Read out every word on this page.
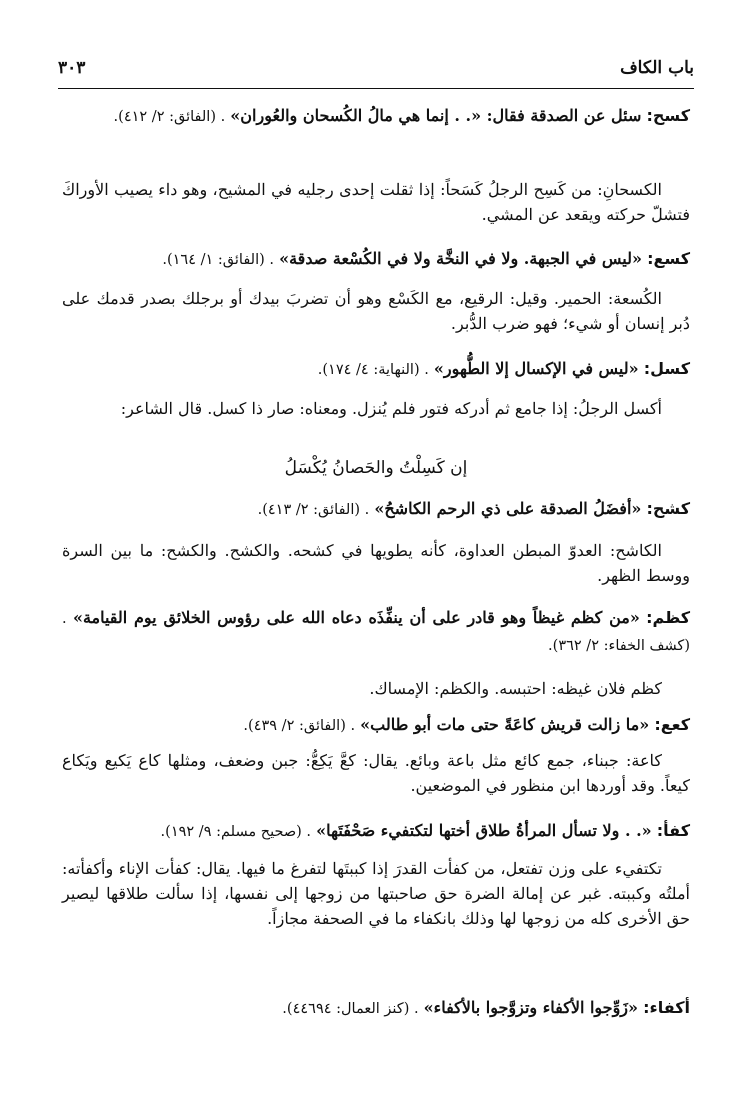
باب الكاف
٣٠٣
كسح: سئل عن الصدقة فقال: «. . إنما هي مالُ الكُسحان والعُوران» . (الفائق: ٢/ ٤١٢).
الكسحانِ: من كَسِح الرجلُ كَسَحاً: إذا ثقلت إحدى رجليه في المشيح، وهو داء يصيب الأوراكَ فتشلّ حركته ويقعد عن المشي.
كسع: «ليس في الجبهة. ولا في النخَّة ولا في الكُسْعة صدقة» . (الفائق: ١/ ١٦٤).
الكُسعة: الحمير. وقيل: الرقيع، مع الكَسْع وهو أن تضربَ بيدك أو برجلك بصدر قدمك على دُبر إنسان أو شيء؛ فهو ضرب الدُّبر.
كسل: «ليس في الإكسال إلا الطُّهور» . (النهاية: ٤/ ١٧٤).
أكسل الرجلُ: إذا جامع ثم أدركه فتور فلم يُنزل. ومعناه: صار ذا كسل. قال الشاعر:
إن كَسِلْتُ والحَصانُ يُكْسَلُ
كشح: «أفضَلُ الصدقة على ذي الرحم الكاشحُ» . (الفائق: ٢/ ٤١٣).
الكاشح: العدوّ المبطن العداوة، كأنه يطويها في كشحه. والكشح. والكشح: ما بين السرة ووسط الظهر.
كظم: «من كظم غيظاً وهو قادر على أن ينفِّذَه دعاه الله على رؤوس الخلائق يوم القيامة» . (كشف الخفاء: ٢/ ٣٦٢).
كظم فلان غيظه: احتبسه. والكظم: الإمساك.
كعع: «ما زالت قريش كاعَةً حتى مات أبو طالب» . (الفائق: ٢/ ٤٣٩).
كاعة: جبناء، جمع كائع مثل باعة وبائع. يقال: كعَّ يَكِعُّ: جبن وضعف، ومثلها كاع يَكيع ويَكاع كيعاً. وقد أوردها ابن منظور في الموضعين.
كفأ: «. . ولا تسأل المرأةُ طلاق أختها لتكتفيء صَحْفَتَها» . (صحيح مسلم: ٩/ ١٩٢).
تكتفيء على وزن تفتعل، من كفأت القدرَ إذا كببتَها لتفرغ ما فيها. يقال: كفأت الإناء وأكفأته: أملتُه وكببته. غبر عن إمالة الضرة حق صاحبتها من زوجها إلى نفسها، إذا سألت طلاقها ليصير حق الأخرى كله من زوجها لها وذلك بانكفاء ما في الصحفة مجازاً.
أكفاء: «زَوِّجوا الأكفاء وتزوَّجوا بالأكفاء» . (كنز العمال: ٤٤٦٩٤).
